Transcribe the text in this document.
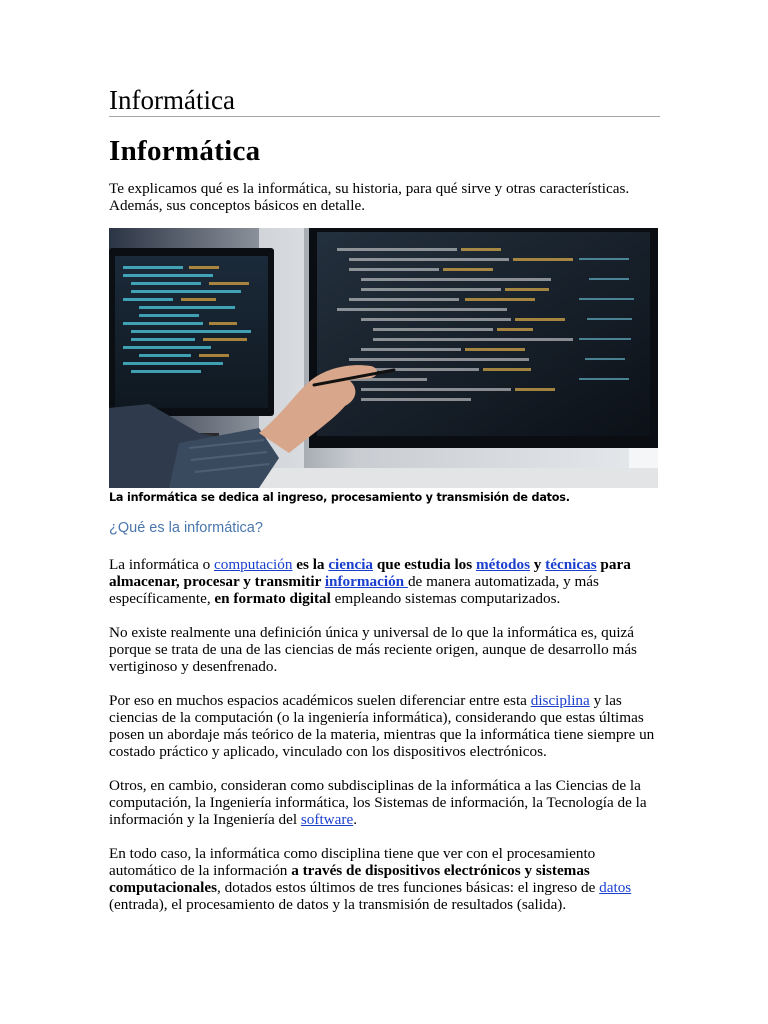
Informática
Informática

Te explicamos qué es la informática, su historia, para qué sirve y otras características. Además, sus conceptos básicos en detalle.

La informática se dedica al ingreso, procesamiento y transmisión de datos.
¿Qué es la informática?

La informática o computación es la ciencia que estudia los métodos y técnicas para almacenar, procesar y transmitir información de manera automatizada, y más específicamente, en formato digital empleando sistemas computarizados.

No existe realmente una definición única y universal de lo que la informática es, quizá porque se trata de una de las ciencias de más reciente origen, aunque de desarrollo más vertiginoso y desenfrenado.

Por eso en muchos espacios académicos suelen diferenciar entre esta disciplina y las ciencias de la computación (o la ingeniería informática), considerando que estas últimas posen un abordaje más teórico de la materia, mientras que la informática tiene siempre un costado práctico y aplicado, vinculado con los dispositivos electrónicos.

Otros, en cambio, consideran como subdisciplinas de la informática a las Ciencias de la computación, la Ingeniería informática, los Sistemas de información, la Tecnología de la información y la Ingeniería del software.

En todo caso, la informática como disciplina tiene que ver con el procesamiento automático de la información a través de dispositivos electrónicos y sistemas computacionales, dotados estos últimos de tres funciones básicas: el ingreso de datos (entrada), el procesamiento de datos y la transmisión de resultados (salida).
